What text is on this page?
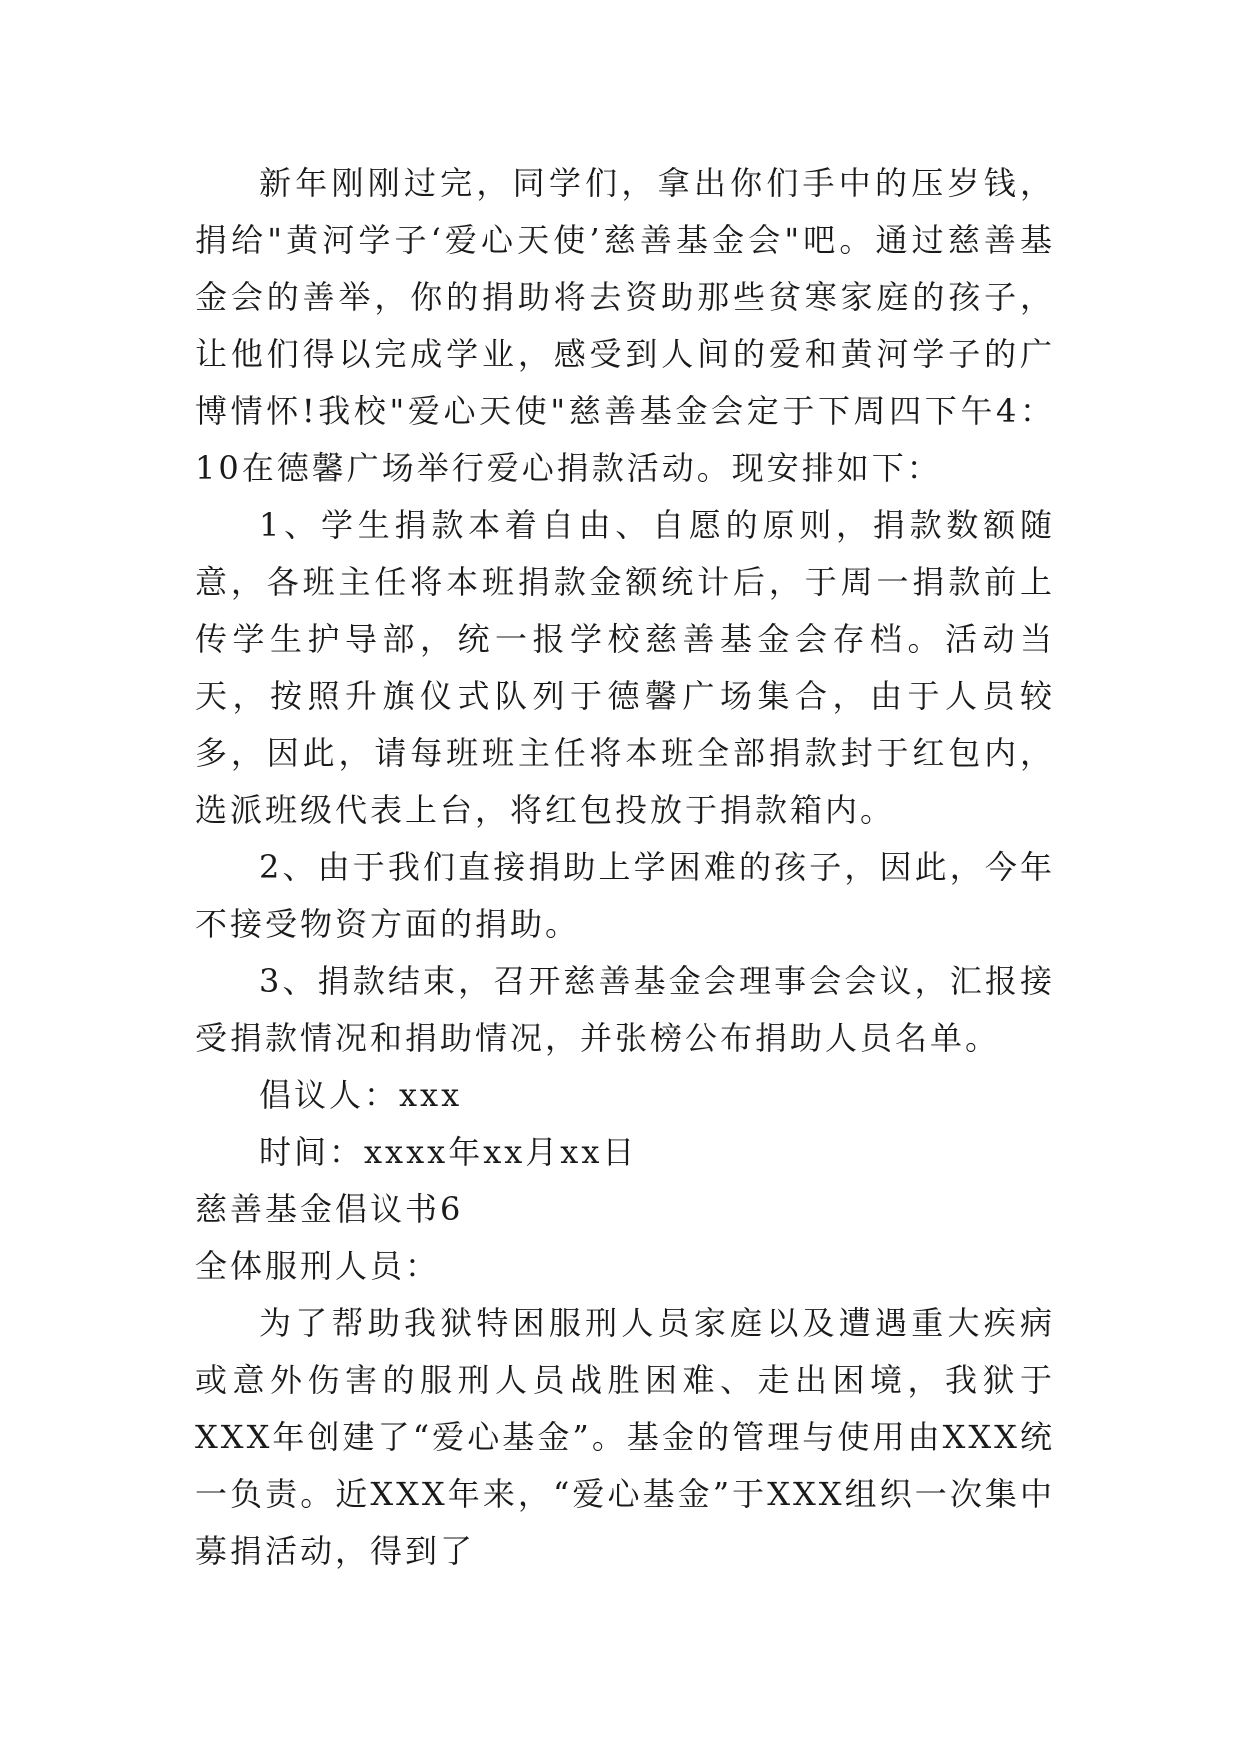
新年刚刚过完，同学们，拿出你们手中的压岁钱，捐给"黄河学子‘爱心天使’慈善基金会"吧。通过慈善基金会的善举，你的捐助将去资助那些贫寒家庭的孩子，让他们得以完成学业，感受到人间的爱和黄河学子的广博情怀!我校"爱心天使"慈善基金会定于下周四下午4：10在德馨广场举行爱心捐款活动。现安排如下：

1、学生捐款本着自由、自愿的原则，捐款数额随意，各班主任将本班捐款金额统计后，于周一捐款前上传学生护导部，统一报学校慈善基金会存档。活动当天，按照升旗仪式队列于德馨广场集合，由于人员较多，因此，请每班班主任将本班全部捐款封于红包内，选派班级代表上台，将红包投放于捐款箱内。

2、由于我们直接捐助上学困难的孩子，因此，今年不接受物资方面的捐助。

3、捐款结束，召开慈善基金会理事会会议，汇报接受捐款情况和捐助情况，并张榜公布捐助人员名单。

倡议人：xxx

时间：xxxx年xx月xx日

慈善基金倡议书6

全体服刑人员：

为了帮助我狱特困服刑人员家庭以及遭遇重大疾病或意外伤害的服刑人员战胜困难、走出困境，我狱于XXX年创建了“爱心基金”。基金的管理与使用由XXX统一负责。近XXX年来，“爱心基金”于XXX组织一次集中募捐活动，得到了
